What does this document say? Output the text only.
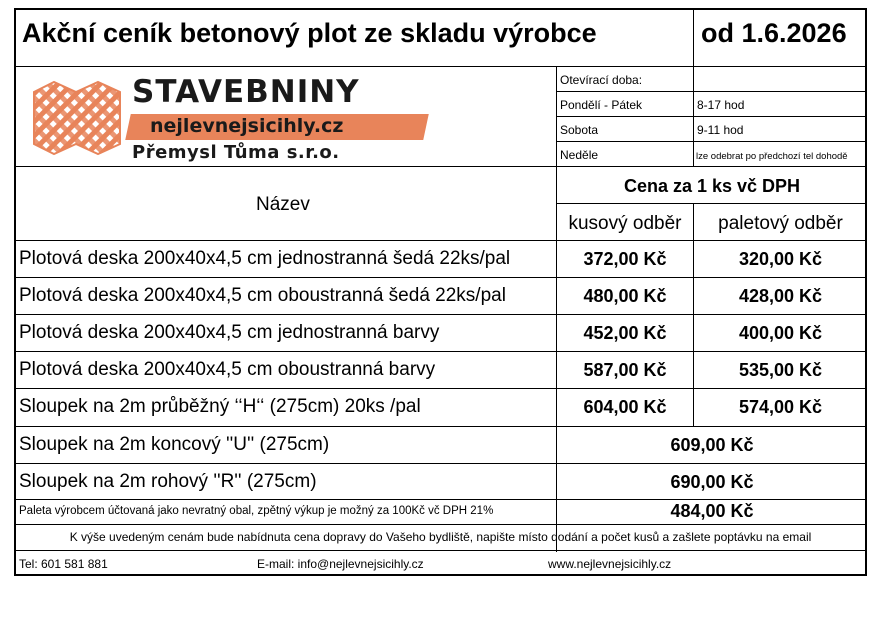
Akční ceník betonový plot ze skladu výrobce	od 1.6.2026
STAVEBNINY
nejlevnejsicihly.cz
Přemysl Tůma s.r.o.
Otevírací doba:
Pondělí - Pátek	8-17 hod
Sobota	9-11 hod
Neděle	lze odebrat po předchozí tel dohodě
Název
Cena za 1 ks vč DPH
kusový odběr	paletový odběr
Plotová deska 200x40x4,5 cm jednostranná šedá 22ks/pal	372,00 Kč	320,00 Kč
Plotová deska 200x40x4,5 cm oboustranná šedá 22ks/pal	480,00 Kč	428,00 Kč
Plotová deska 200x40x4,5 cm jednostranná barvy	452,00 Kč	400,00 Kč
Plotová deska 200x40x4,5 cm oboustranná barvy	587,00 Kč	535,00 Kč
Sloupek na 2m průběžný ‘‘H‘‘ (275cm) 20ks /pal	604,00 Kč	574,00 Kč
Sloupek na 2m koncový ''U'' (275cm)	609,00 Kč
Sloupek na 2m rohový ''R'' (275cm)	690,00 Kč
Paleta výrobcem účtovaná jako nevratný obal, zpětný výkup je možný za 100Kč vč DPH 21%	484,00 Kč
K výše uvedeným cenám bude nabídnuta cena dopravy do Vašeho bydliště, napište místo dodání a počet kusů a zašlete poptávku na email
Tel: 601 581 881	E-mail: info@nejlevnejsicihly.cz	www.nejlevnejsicihly.cz
